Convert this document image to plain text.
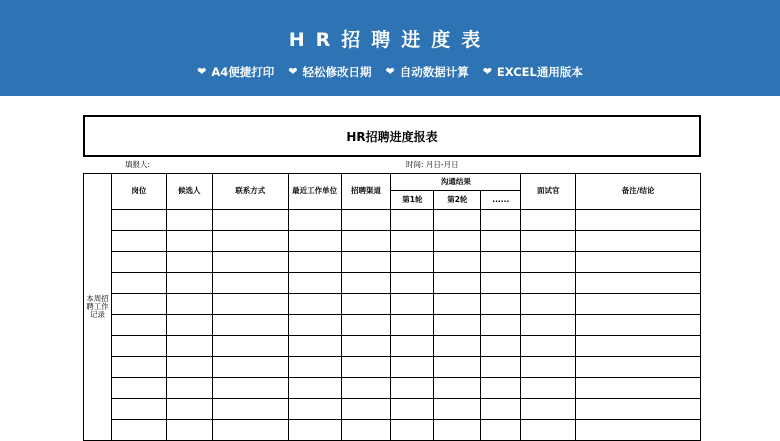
HR招聘进度表
❤ A4便捷打印 ❤ 轻松修改日期 ❤ 自动数据计算 ❤ EXCEL通用版本
HR招聘进度报表
填报人:	时间: 月日-月日
本周招聘工作记录	岗位	候选人	联系方式	最近工作单位	招聘渠道	沟通结果			面试官	备注/结论
						第1轮	第2轮	......		
